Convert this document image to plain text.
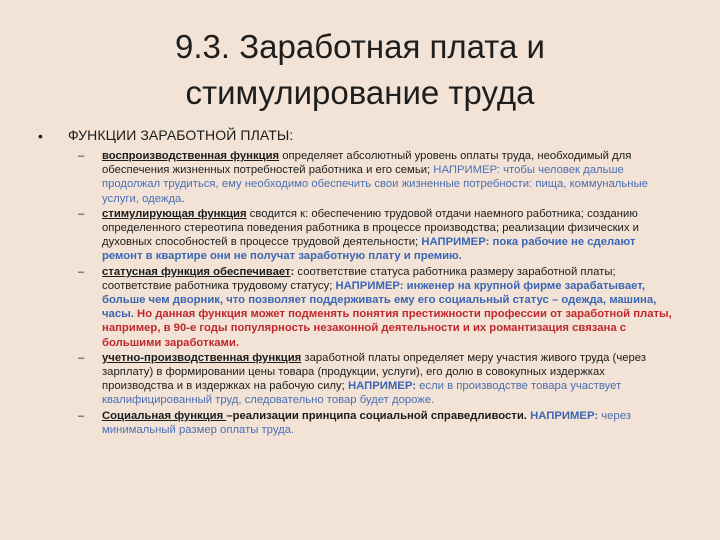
9.3. Заработная плата и
стимулирование труда
• ФУНКЦИИ ЗАРАБОТНОЙ ПЛАТЫ:
– воспроизводственная функция определяет абсолютный уровень оплаты труда, необходимый для обеспечения жизненных потребностей работника и его семьи; НАПРИМЕР: чтобы человек дальше продолжал трудиться, ему необходимо обеспечить свои жизненные потребности: пища, коммунальные услуги, одежда.
– стимулирующая функция сводится к: обеспечению трудовой отдачи наемного работника; созданию определенного стереотипа поведения работника в процессе производства; реализации физических и духовных способностей в процессе трудовой деятельности; НАПРИМЕР: пока рабочие не сделают ремонт в квартире они не получат заработную плату и премию.
– статусная функция обеспечивает: соответствие статуса работника размеру заработной платы; соответствие работника трудовому статусу; НАПРИМЕР: инженер на крупной фирме зарабатывает, больше чем дворник, что позволяет поддерживать ему его социальный статус – одежда, машина, часы. Но данная функция может подменять понятия престижности профессии от заработной платы, например, в 90-е годы популярность незаконной деятельности и их романтизация связана с большими заработками.
– учетно-производственная функция заработной платы определяет меру участия живого труда (через зарплату) в формировании цены товара (продукции, услуги), его долю в совокупных издержках производства и в издержках на рабочую силу; НАПРИМЕР: если в производстве товара участвует квалифицированный труд, следовательно товар будет дороже.
– Социальная функция –реализации принципа социальной справедливости. НАПРИМЕР: через минимальный размер оплаты труда.
